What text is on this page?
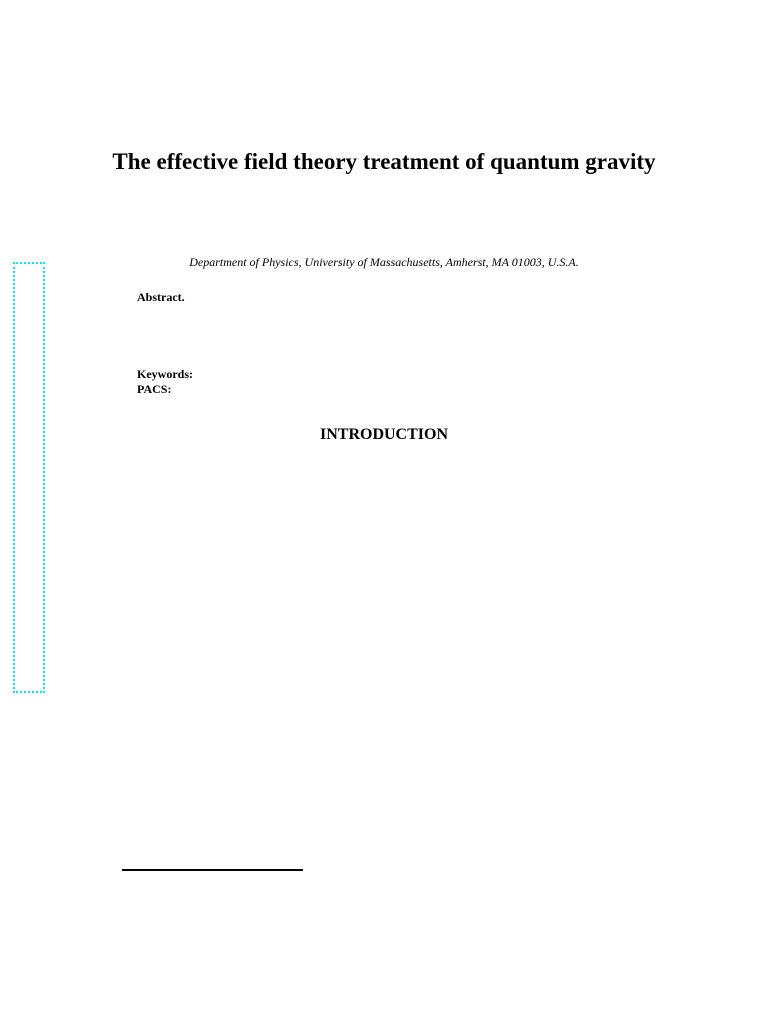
The effective field theory treatment of quantum gravity
Department of Physics, University of Massachusetts, Amherst, MA 01003, U.S.A.
Abstract.
Keywords:
PACS:
INTRODUCTION
